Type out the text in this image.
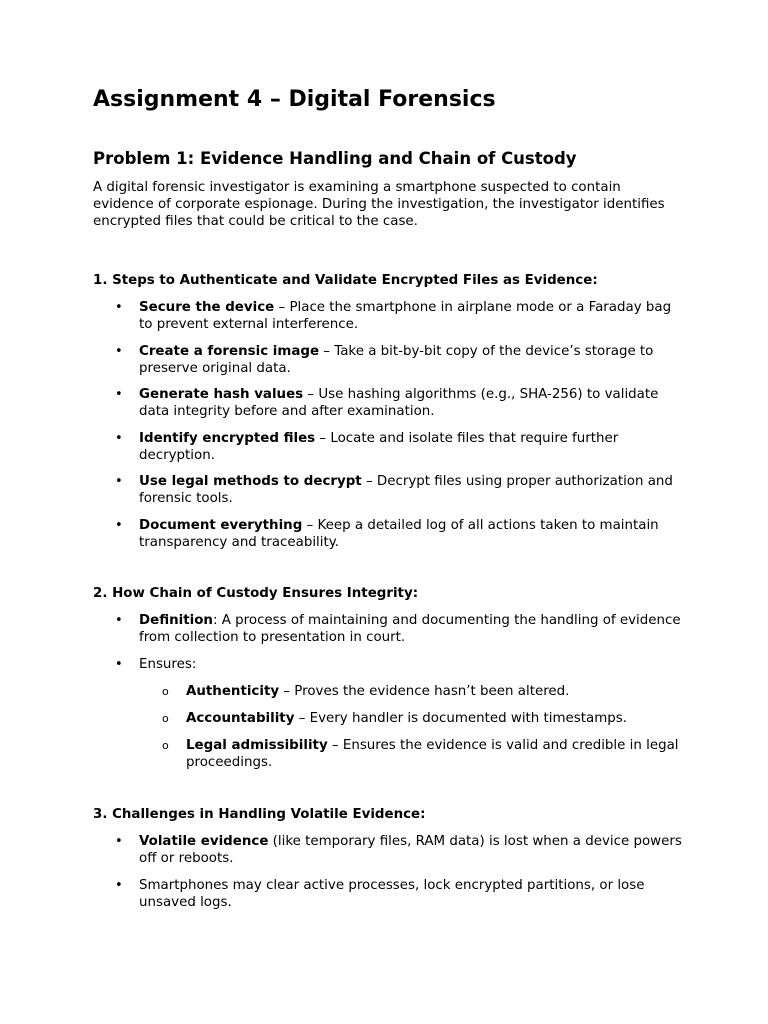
Assignment 4 – Digital Forensics
Problem 1: Evidence Handling and Chain of Custody

A digital forensic investigator is examining a smartphone suspected to contain evidence of corporate espionage. During the investigation, the investigator identifies encrypted files that could be critical to the case.

1. Steps to Authenticate and Validate Encrypted Files as Evidence:
• Secure the device – Place the smartphone in airplane mode or a Faraday bag to prevent external interference.
• Create a forensic image – Take a bit-by-bit copy of the device’s storage to preserve original data.
• Generate hash values – Use hashing algorithms (e.g., SHA-256) to validate data integrity before and after examination.
• Identify encrypted files – Locate and isolate files that require further decryption.
• Use legal methods to decrypt – Decrypt files using proper authorization and forensic tools.
• Document everything – Keep a detailed log of all actions taken to maintain transparency and traceability.
2. How Chain of Custody Ensures Integrity:
• Definition: A process of maintaining and documenting the handling of evidence from collection to presentation in court.
• Ensures:
o Authenticity – Proves the evidence hasn’t been altered.
o Accountability – Every handler is documented with timestamps.
o Legal admissibility – Ensures the evidence is valid and credible in legal proceedings.
3. Challenges in Handling Volatile Evidence:
• Volatile evidence (like temporary files, RAM data) is lost when a device powers off or reboots.
• Smartphones may clear active processes, lock encrypted partitions, or lose unsaved logs.
